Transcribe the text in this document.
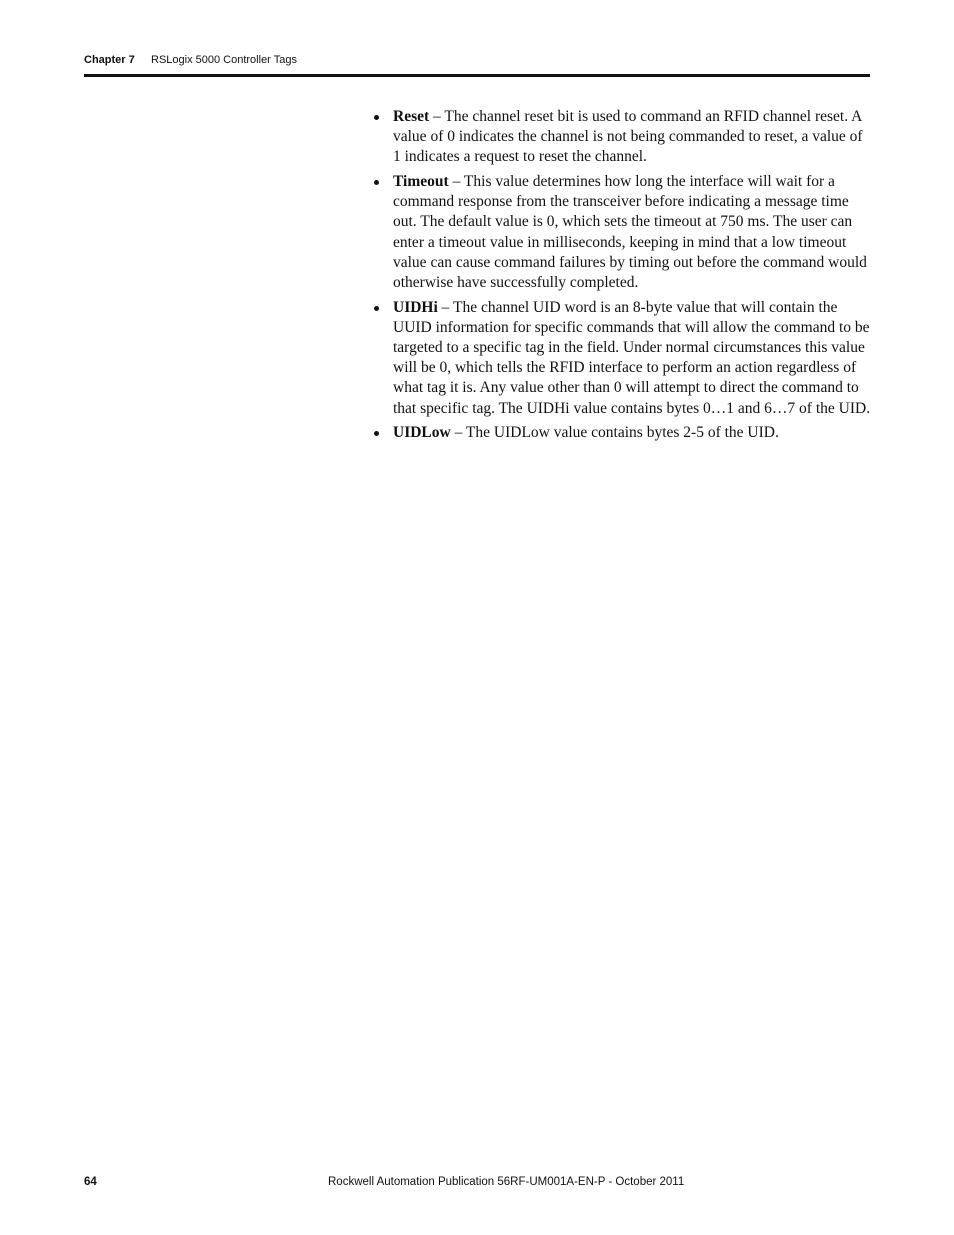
Chapter 7 RSLogix 5000 Controller Tags
Reset – The channel reset bit is used to command an RFID channel reset. A value of 0 indicates the channel is not being commanded to reset, a value of 1 indicates a request to reset the channel.
Timeout – This value determines how long the interface will wait for a command response from the transceiver before indicating a message time out. The default value is 0, which sets the timeout at 750 ms. The user can enter a timeout value in milliseconds, keeping in mind that a low timeout value can cause command failures by timing out before the command would otherwise have successfully completed.
UIDHi – The channel UID word is an 8-byte value that will contain the UUID information for specific commands that will allow the command to be targeted to a specific tag in the field. Under normal circumstances this value will be 0, which tells the RFID interface to perform an action regardless of what tag it is. Any value other than 0 will attempt to direct the command to that specific tag. The UIDHi value contains bytes 0…1 and 6…7 of the UID.
UIDLow – The UIDLow value contains bytes 2-5 of the UID.
64	Rockwell Automation Publication 56RF-UM001A-EN-P - October 2011
